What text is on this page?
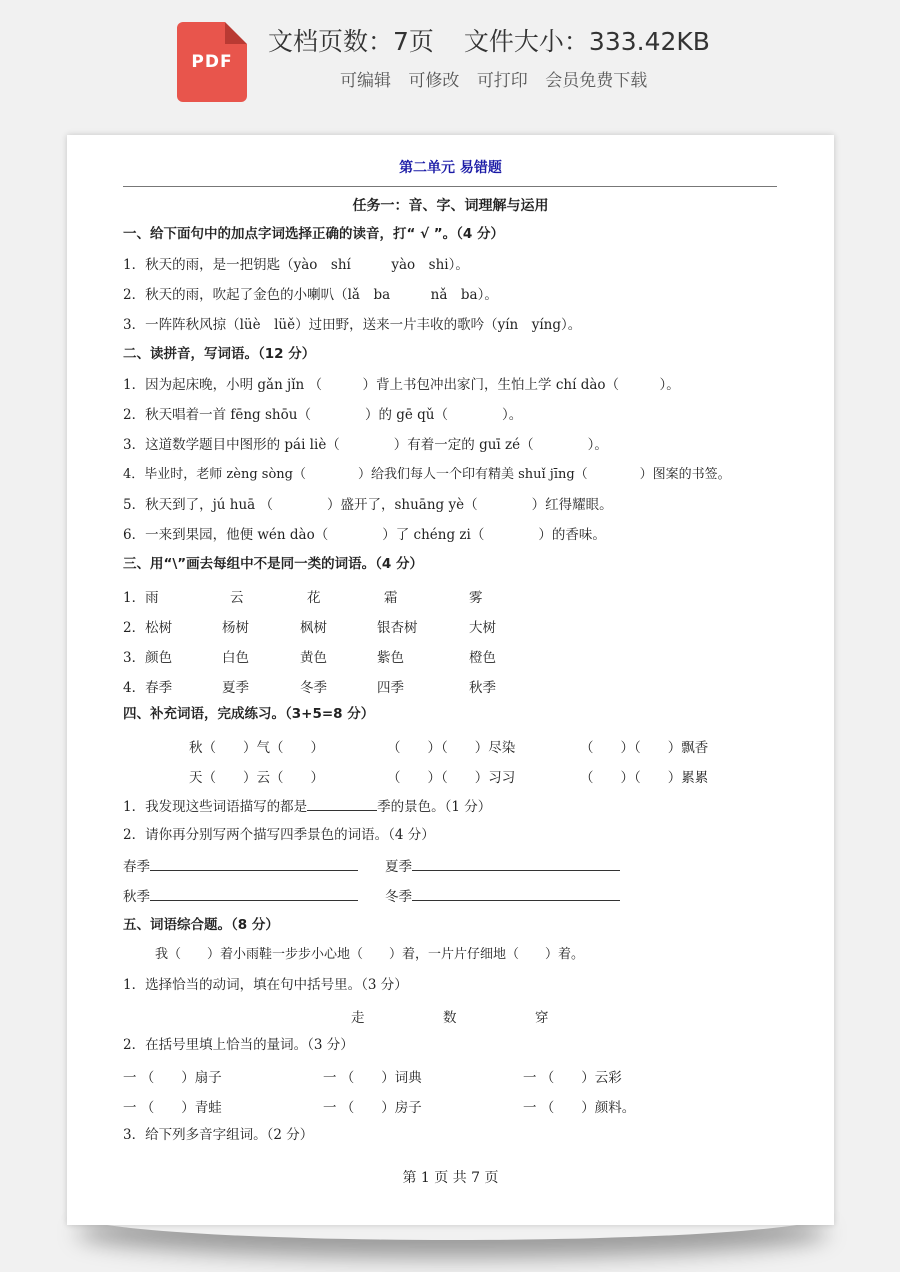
PDF
文档页数：7页 文件大小：333.42KB
可编辑 可修改 可打印 会员免费下载
第二单元 易错题
任务一：音、字、词理解与运用
一、给下面句中的加点字词选择正确的读音，打“ √ ”。（4 分）
1．秋天的雨，是一把钥匙（yào　shí　　　yào　shi）。
2．秋天的雨，吹起了金色的小喇叭（lǎ　ba　　　nǎ　ba）。
3．一阵阵秋风掠（lüè　lüě）过田野，送来一片丰收的歌吟（yín　yíng）。
二、读拼音，写词语。（12 分）
1．因为起床晚，小明 gǎn jǐn （　　　）背上书包冲出家门，生怕上学 chí dào（　　　）。
2．秋天唱着一首 fēng shōu（　　　　）的 gē qǔ（　　　　）。
3．这道数学题目中图形的 pái liè（　　　　）有着一定的 guī zé（　　　　）。
4．毕业时，老师 zèng sòng（　　　　）给我们每人一个印有精美 shuǐ jīng（　　　　）图案的书签。
5．秋天到了，jú huā （　　　　）盛开了，shuāng yè（　　　　）红得耀眼。
6．一来到果园，他便 wén dào（　　　　）了 chéng zi（　　　　）的香味。
三、用“\”画去每组中不是同一类的词语。（4 分）
1．雨	云	花	霜	雾
2．松树	杨树	枫树	银杏树	大树
3．颜色	白色	黄色	紫色	橙色
4．春季	夏季	冬季	四季	秋季
四、补充词语，完成练习。（3+5=8 分）
秋（　　）气（　　）	（　　）（　　）尽染	（　　）（　　）飘香
天（　　）云（　　）	（　　）（　　）习习	（　　）（　　）累累
1．我发现这些词语描写的都是	季的景色。（1 分）
2．请你再分别写两个描写四季景色的词语。（4 分）
春季	夏季
秋季	冬季
五、词语综合题。（8 分）
我（　　）着小雨鞋一步步小心地（　　）着，一片片仔细地（　　）着。
1．选择恰当的动词，填在句中括号里。（3 分）
走	数	穿
2．在括号里填上恰当的量词。（3 分）
一 （　　）扇子	一 （　　）词典	一 （　　）云彩
一 （　　）青蛙	一 （　　）房子	一 （　　）颜料。
3．给下列多音字组词。（2 分）
第 1 页 共 7 页
